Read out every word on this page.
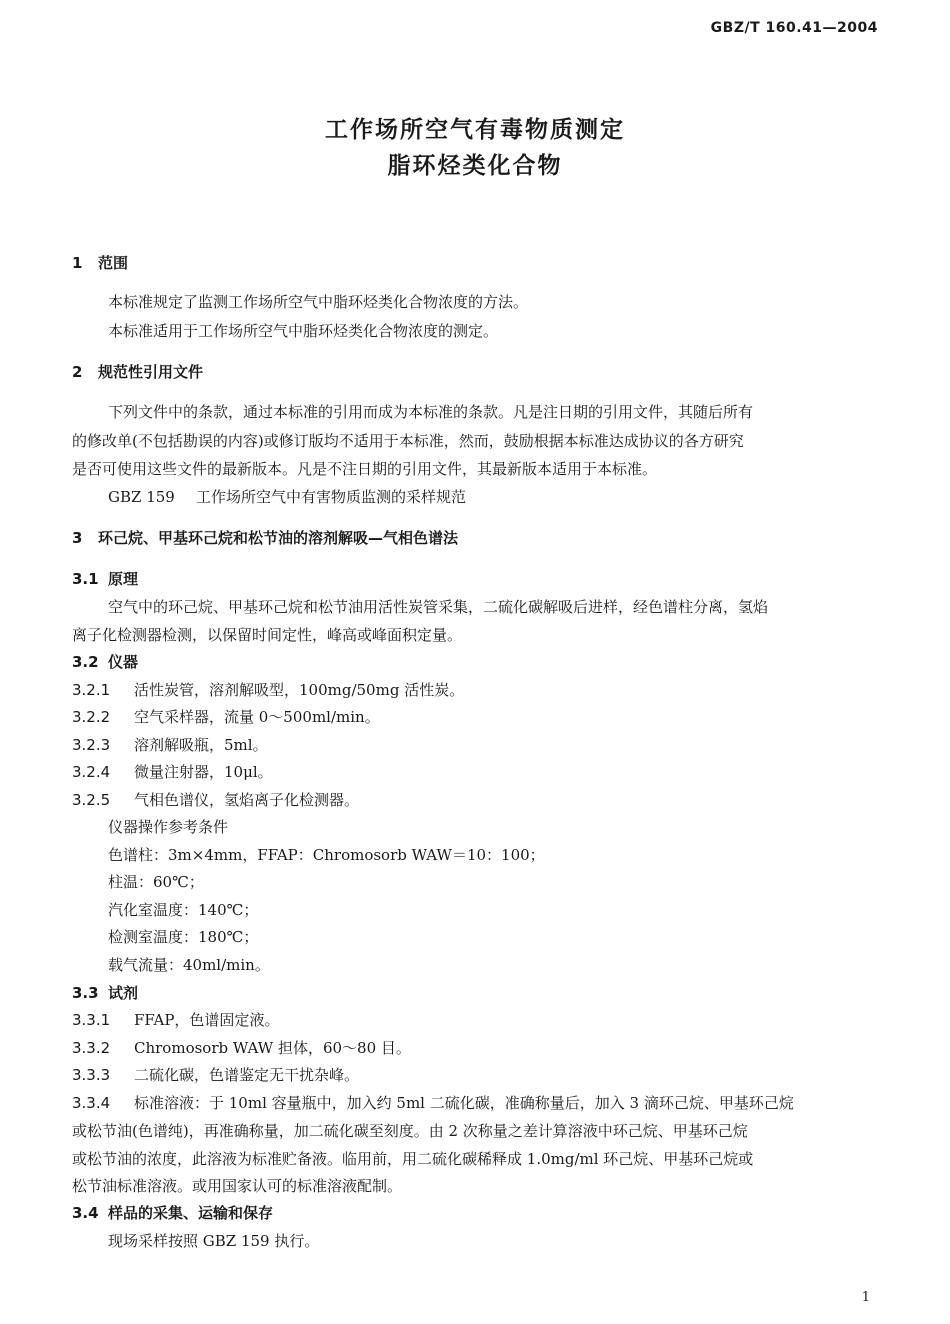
GBZ/T 160.41—2004
工作场所空气有毒物质测定
脂环烃类化合物
1 范围
本标准规定了监测工作场所空气中脂环烃类化合物浓度的方法。
本标准适用于工作场所空气中脂环烃类化合物浓度的测定。
2 规范性引用文件
下列文件中的条款，通过本标准的引用而成为本标准的条款。凡是注日期的引用文件，其随后所有
的修改单(不包括勘误的内容)或修订版均不适用于本标准，然而，鼓励根据本标准达成协议的各方研究
是否可使用这些文件的最新版本。凡是不注日期的引用文件，其最新版本适用于本标准。
GBZ 159 工作场所空气中有害物质监测的采样规范
3 环己烷、甲基环己烷和松节油的溶剂解吸—气相色谱法
3.1 原理
空气中的环己烷、甲基环己烷和松节油用活性炭管采集，二硫化碳解吸后进样，经色谱柱分离，氢焰
离子化检测器检测，以保留时间定性，峰高或峰面积定量。
3.2 仪器
3.2.1 活性炭管，溶剂解吸型，100mg/50mg 活性炭。
3.2.2 空气采样器，流量 0～500ml/min。
3.2.3 溶剂解吸瓶，5ml。
3.2.4 微量注射器，10μl。
3.2.5 气相色谱仪，氢焰离子化检测器。
仪器操作参考条件
色谱柱：3m×4mm，FFAP：Chromosorb WAW＝10：100；
柱温：60℃；
汽化室温度：140℃；
检测室温度：180℃；
载气流量：40ml/min。
3.3 试剂
3.3.1 FFAP，色谱固定液。
3.3.2 Chromosorb WAW 担体，60～80 目。
3.3.3 二硫化碳，色谱鉴定无干扰杂峰。
3.3.4 标准溶液：于 10ml 容量瓶中，加入约 5ml 二硫化碳，准确称量后，加入 3 滴环己烷、甲基环己烷
或松节油(色谱纯)，再准确称量，加二硫化碳至刻度。由 2 次称量之差计算溶液中环己烷、甲基环己烷
或松节油的浓度，此溶液为标准贮备液。临用前，用二硫化碳稀释成 1.0mg/ml 环己烷、甲基环己烷或
松节油标准溶液。或用国家认可的标准溶液配制。
3.4 样品的采集、运输和保存
现场采样按照 GBZ 159 执行。
1
